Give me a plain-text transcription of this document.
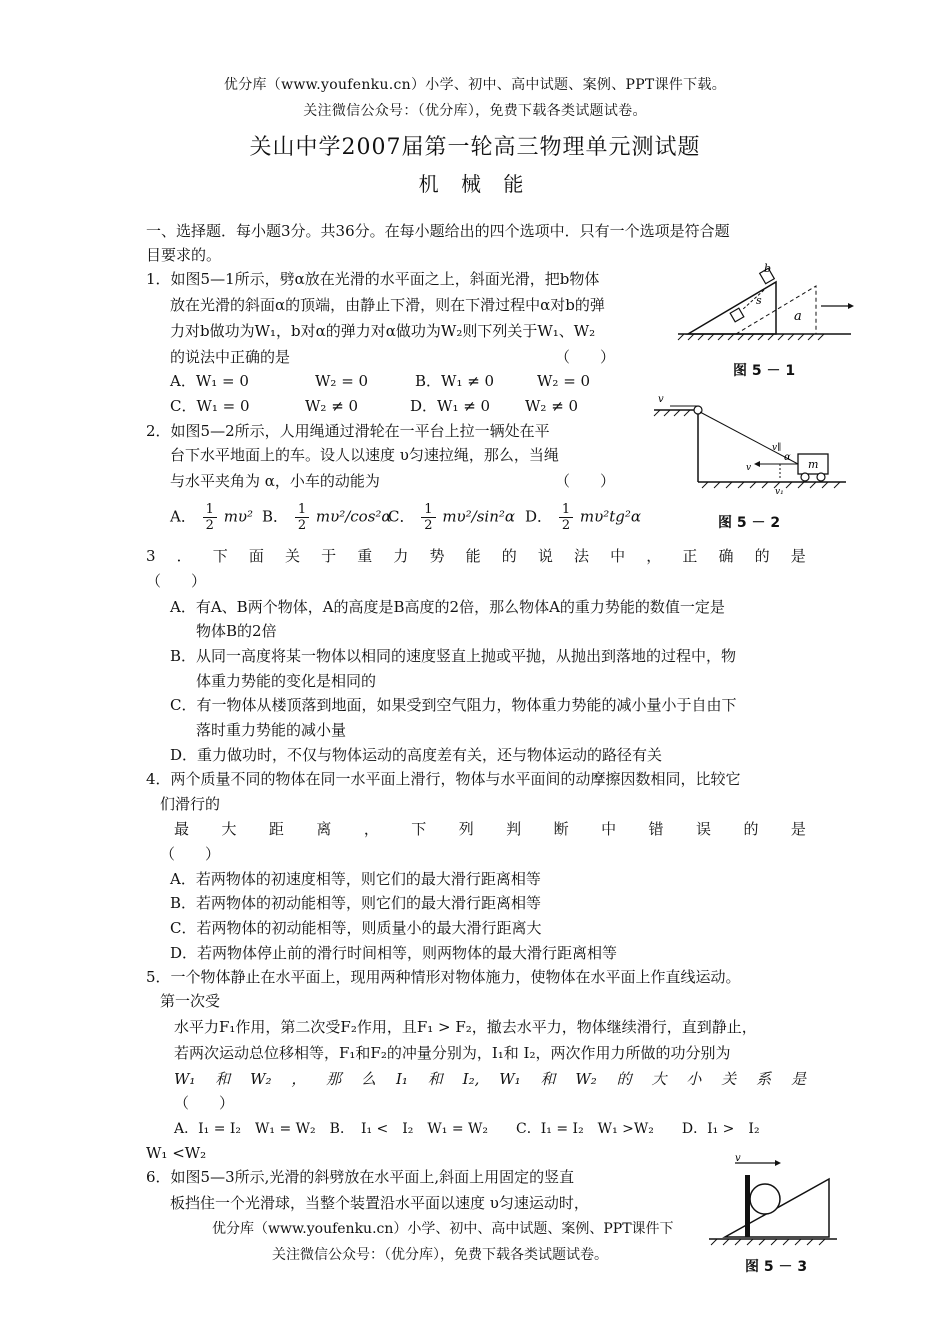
优分库（www.youfenku.cn）小学、初中、高中试题、案例、PPT课件下载。
关注微信公众号：（优分库），免费下载各类试题试卷。
关山中学2007届第一轮高三物理单元测试题
机 械 能
一、选择题．每小题3分。共36分。在每小题给出的四个选项中．只有一个选项是符合题
目要求的。
1．如图5—1所示，劈α放在光滑的水平面之上，斜面光滑，把b物体
放在光滑的斜面α的顶端，由静止下滑，则在下滑过程中α对b的弹
力对b做功为W₁，b对α的弹力对α做功为W₂则下列关于W₁、W₂
的说法中正确的是	（　　）
A．W₁ = 0	W₂ = 0	B．W₁ ≠ 0	W₂ = 0
C．W₁ = 0	W₂ ≠ 0	D．W₁ ≠ 0 W₂ ≠ 0
b
s
a
图 5 － 1
2．如图5—2所示，人用绳通过滑轮在一平台上拉一辆处在平
台下水平地面上的车。设人以速度 υ匀速拉绳，那么，当绳
与水平夹角为 α，小车的动能为	（　　）
A． $\frac{1}{2} m\upsilon^2$ B． $\frac{1}{2} m\upsilon^2/\cos^2\alpha$
C． $\frac{1}{2} m\upsilon^2/\sin^2\alpha$ D． $\frac{1}{2} m\upsilon^2tg^2\alpha$
v
m
α
v
v∥
v₁
图 5 － 2
3 ． 下 面 关 于 重 力 势 能 的 说 法 中 ， 正 确 的 是
（　　）
A．有A、B两个物体，A的高度是B高度的2倍，那么物体A的重力势能的数值一定是
物体B的2倍
B．从同一高度将某一物体以相同的速度竖直上抛或平抛，从抛出到落地的过程中，物
体重力势能的变化是相同的
C．有一物体从楼顶落到地面，如果受到空气阻力，物体重力势能的减小量小于自由下
落时重力势能的减小量
D．重力做功时，不仅与物体运动的高度差有关，还与物体运动的路径有关
4．两个质量不同的物体在同一水平面上滑行，物体与水平面间的动摩擦因数相同，比较它
们滑行的
最 大 距 离 ， 下 列 判 断 中 错 误 的 是
（　　）
A．若两物体的初速度相等，则它们的最大滑行距离相等
B．若两物体的初动能相等，则它们的最大滑行距离相等
C．若两物体的初动能相等，则质量小的最大滑行距离大
D．若两物体停止前的滑行时间相等，则两物体的最大滑行距离相等
5．一个物体静止在水平面上，现用两种情形对物体施力，使物体在水平面上作直线运动。
第一次受
水平力F₁作用，第二次受F₂作用，且F₁ > F₂，撤去水平力，物体继续滑行，直到静止，
若两次运动总位移相等，F₁和F₂的冲量分别为，I₁和 I₂，两次作用力所做的功分别为
W₁ 和 W₂ ， 那 么 I₁ 和 I₂, W₁ 和 W₂ 的 大 小 关 系 是
（　　）
A．I₁ = I₂　W₁ = W₂　B．　I₁ <　I₂　W₁ = W₂　　C．I₁ = I₂　W₁ >W₂　　D．I₁ >　I₂
W₁ <W₂
6．如图5—3所示,光滑的斜劈放在水平面上,斜面上用固定的竖直
板挡住一个光滑球，当整个装置沿水平面以速度 υ匀速运动时，
v
图 5 － 3
优分库（www.youfenku.cn）小学、初中、高中试题、案例、PPT课件下
关注微信公众号：（优分库），免费下载各类试题试卷。
